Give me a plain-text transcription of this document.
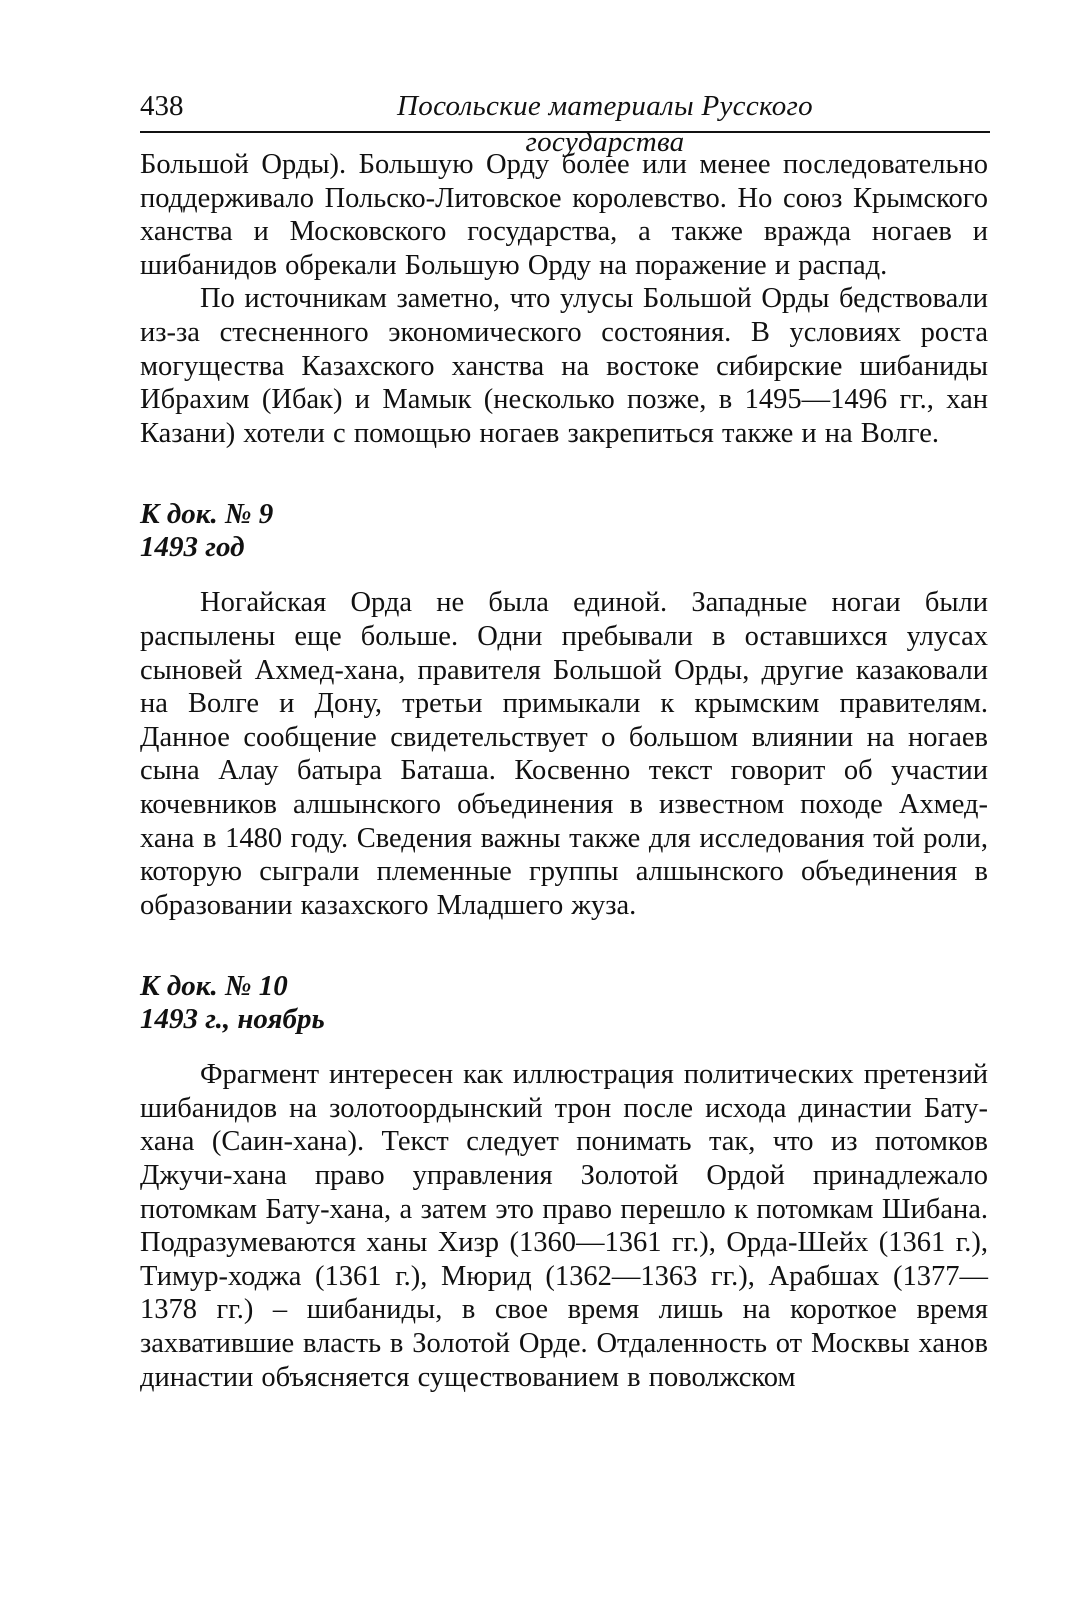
438	Посольские материалы Русского государства

Большой Орды). Большую Орду более или менее последовательно поддерживало Польско-Литовское королевство. Но союз Крымского ханства и Московского государства, а также вражда ногаев и шибанидов обрекали Большую Орду на поражение и распад.

По источникам заметно, что улусы Большой Орды бедствовали из-за стесненного экономического состояния. В условиях роста могущества Казахского ханства на востоке сибирские шибаниды Ибрахим (Ибак) и Мамык (несколько позже, в 1495—1496 гг., хан Казани) хотели с помощью ногаев закрепиться также и на Волге.

К док. № 9
1493 год

Ногайская Орда не была единой. Западные ногаи были распылены еще больше. Одни пребывали в оставшихся улусах сыновей Ахмед-хана, правителя Большой Орды, другие казаковали на Волге и Дону, третьи примыкали к крымским правителям. Данное сообщение свидетельствует о большом влиянии на ногаев сына Алау батыра Баташа. Косвенно текст говорит об участии кочевников алшынского объединения в известном походе Ахмед-хана в 1480 году. Сведения важны также для исследования той роли, которую сыграли племенные группы алшынского объединения в образовании казахского Младшего жуза.

К док. № 10
1493 г., ноябрь

Фрагмент интересен как иллюстрация политических претензий шибанидов на золотоордынский трон после исхода династии Бату-хана (Саин-хана). Текст следует понимать так, что из потомков Джучи-хана право управления Золотой Ордой принадлежало потомкам Бату-хана, а затем это право перешло к потомкам Шибана. Подразумеваются ханы Хизр (1360—1361 гг.), Орда-Шейх (1361 г.), Тимур-ходжа (1361 г.), Мюрид (1362—1363 гг.), Арабшах (1377—1378 гг.) – шибаниды, в свое время лишь на короткое время захватившие власть в Золотой Орде. Отдаленность от Москвы ханов династии объясняется существованием в поволжском
